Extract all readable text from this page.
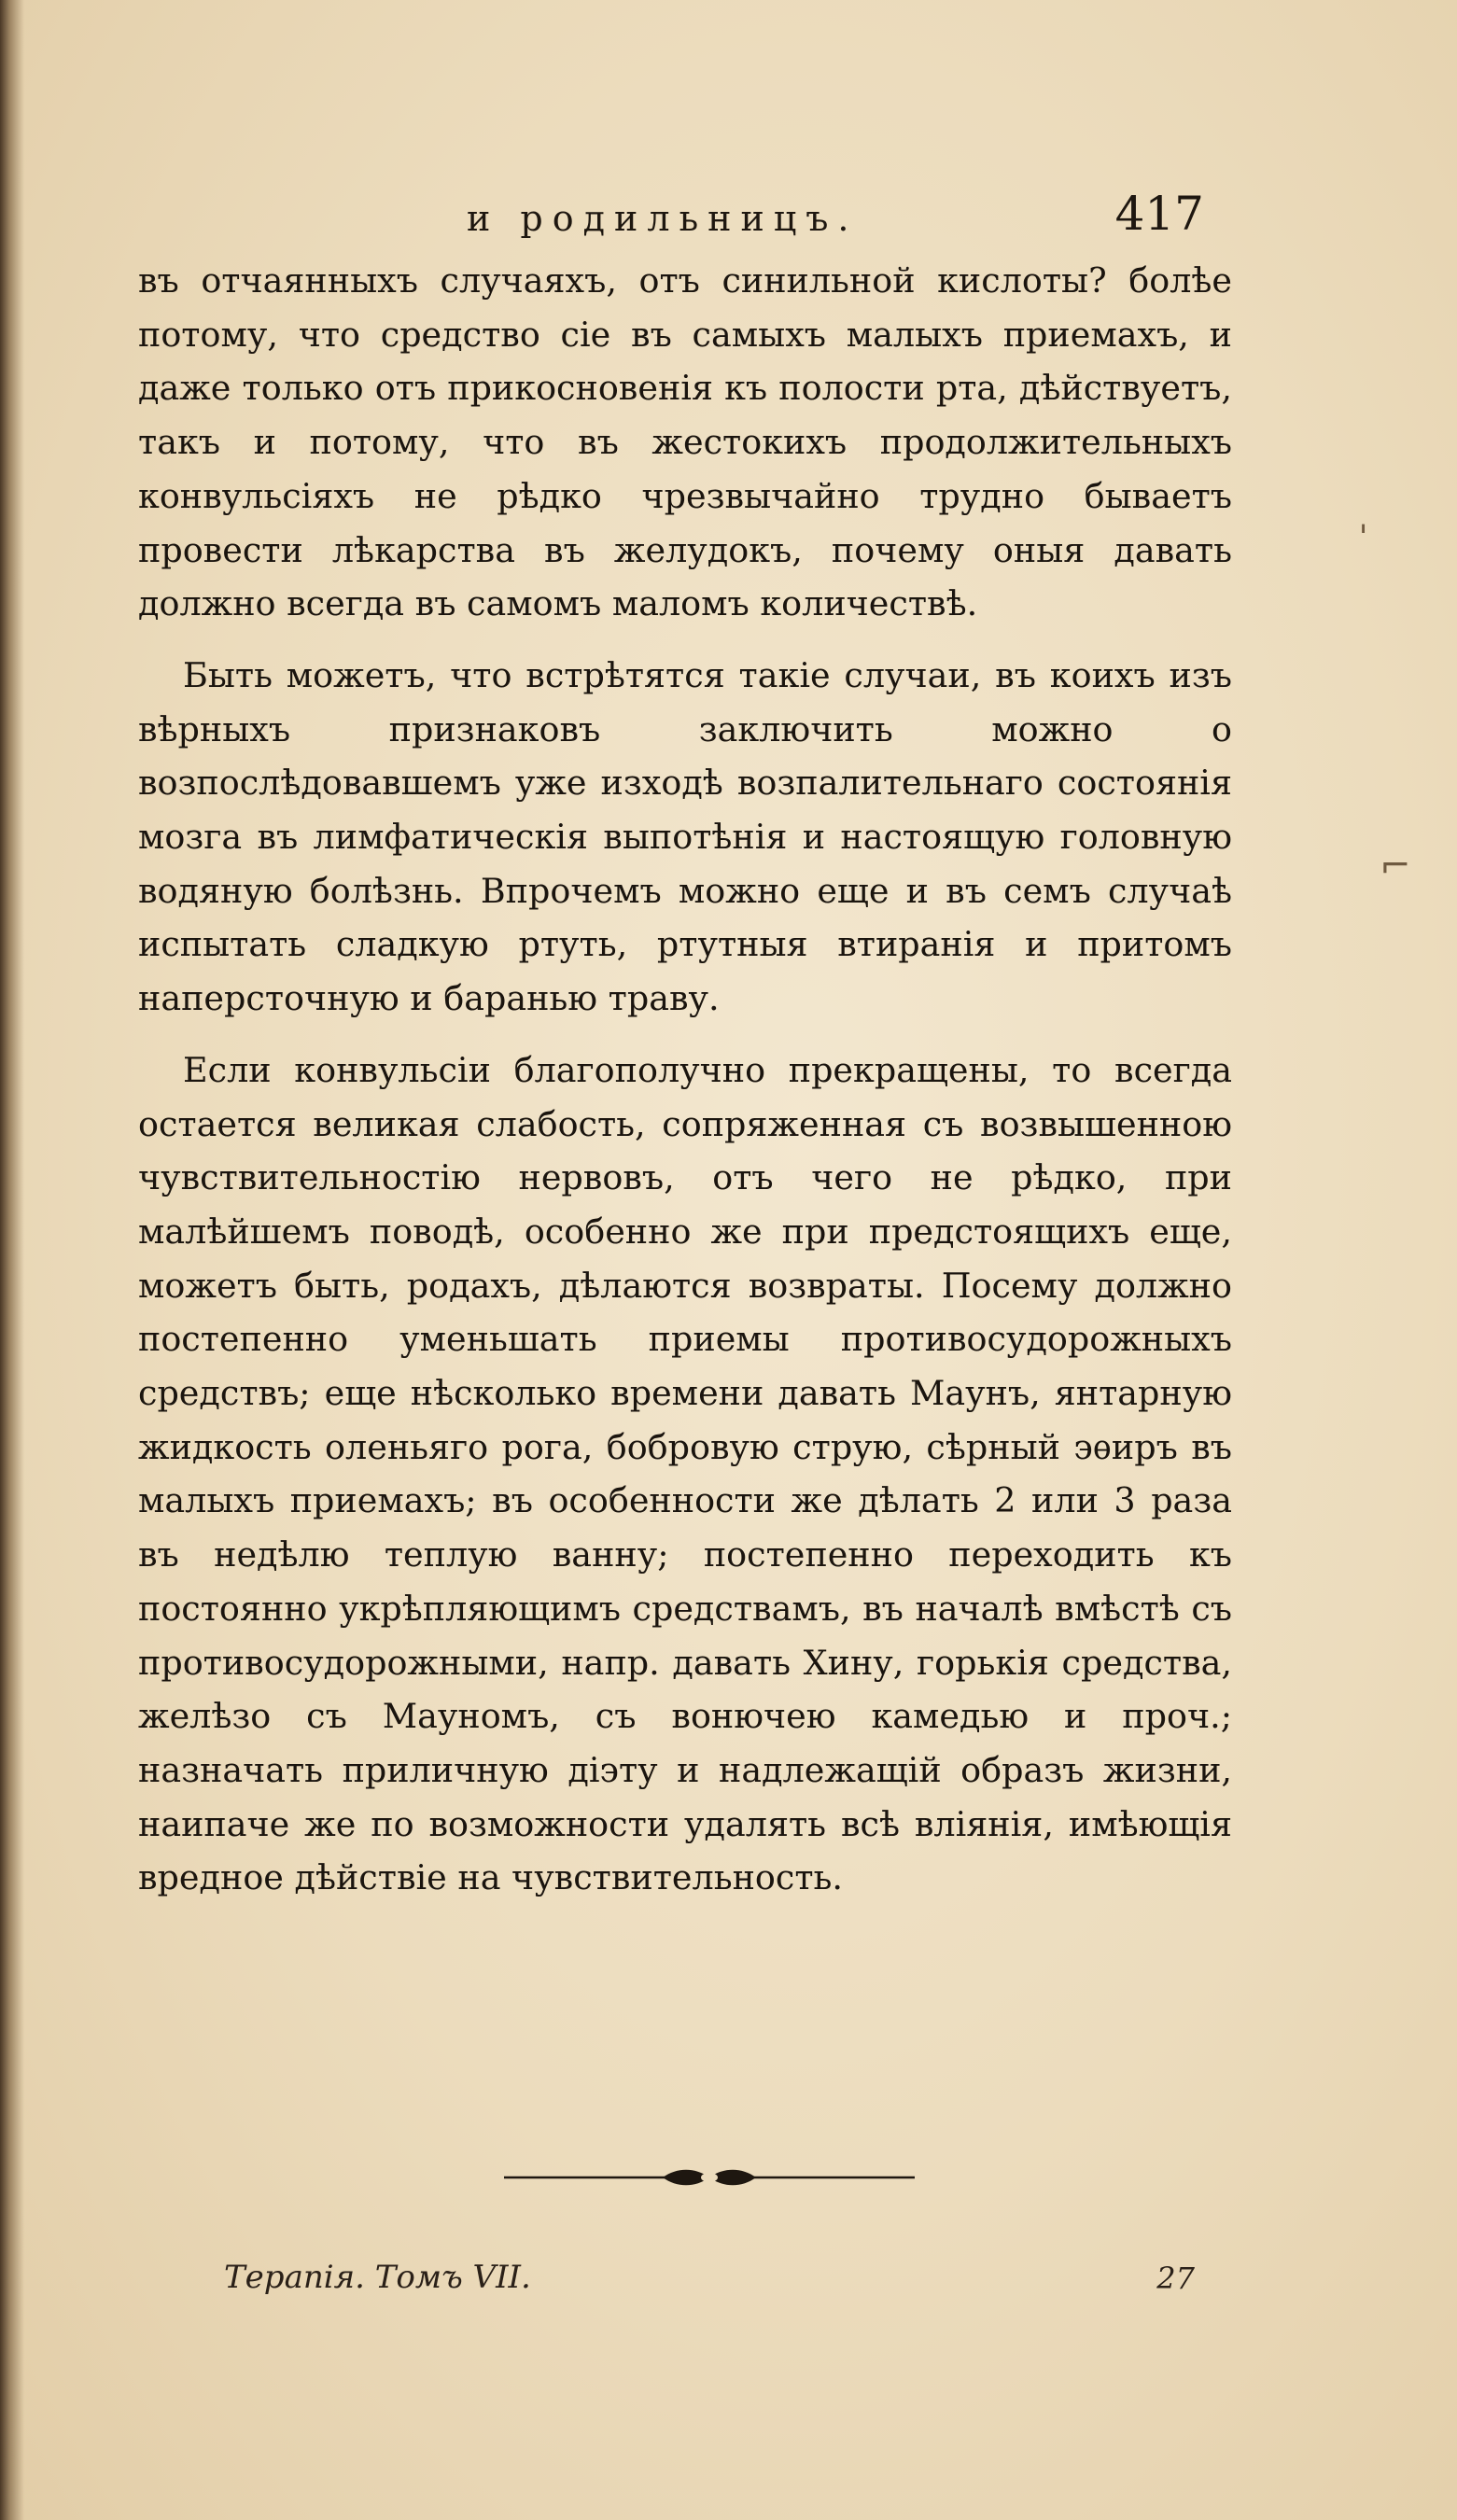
и родильницъ.	417

въ отчаянныхъ случаяхъ, отъ синильной кислоты? болѣе потому, что средство сіе въ самыхъ малыхъ приемахъ, и даже только отъ прикосновенія къ полости рта, дѣйствуетъ, такъ и потому, что въ жестокихъ продолжительныхъ конвульсіяхъ не рѣдко чрезвычайно трудно бываетъ провести лѣкарства въ желудокъ, почему оныя давать должно всегда въ самомъ маломъ количествѣ.

Быть можетъ, что встрѣтятся такіе случаи, въ коихъ изъ вѣрныхъ признаковъ заключить можно о возпослѣдовавшемъ уже изходѣ возпалительнаго состоянія мозга въ лимфатическія выпотѣнія и настоящую головную водяную болѣзнь. Впрочемъ можно еще и въ семъ случаѣ испытать сладкую ртуть, ртутныя втиранія и притомъ наперсточную и баранью траву.

Если конвульсіи благополучно прекращены, то всегда остается великая слабость, сопряженная съ возвышенною чувствительностію нервовъ, отъ чего не рѣдко, при малѣйшемъ поводѣ, особенно же при предстоящихъ еще, можетъ быть, родахъ, дѣлаются возвраты. Посему должно постепенно уменьшать приемы противосудорожныхъ средствъ; еще нѣсколько времени давать Маунъ, янтарную жидкость оленьяго рога, бобровую струю, сѣрный эѳиръ въ малыхъ приемахъ; въ особенности же дѣлать 2 или 3 раза въ недѣлю теплую ванну; постепенно переходить къ постоянно укрѣпляющимъ средствамъ, въ началѣ вмѣстѣ съ противосудорожными, напр. давать Хину, горькія средства, желѣзо съ Мауномъ, съ вонючею камедью и проч.; назначать приличную діэту и надлежащій образъ жизни, наипаче же по возможности удалять всѣ вліянія, имѣющія вредное дѣйствіе на чувствительность.

Терапія. Томъ VII.	27
ˌ
⌐
